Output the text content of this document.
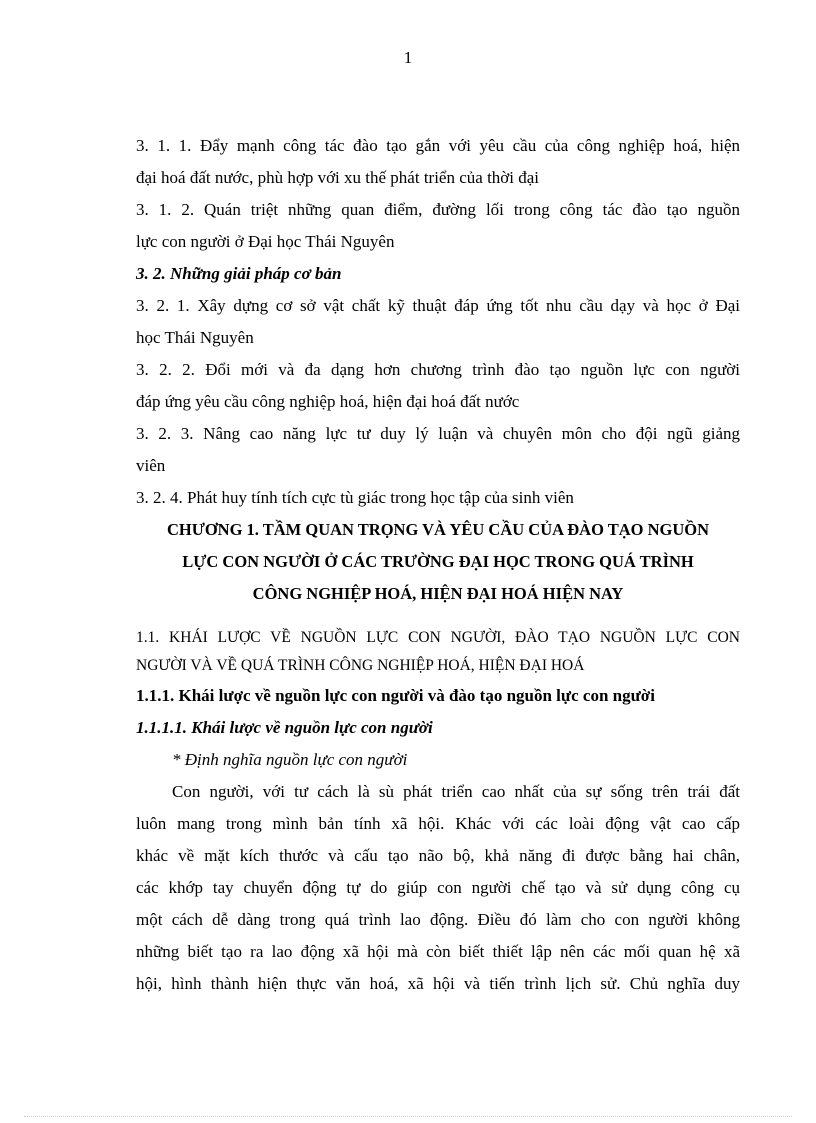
1
3. 1. 1. Đẩy mạnh công tác đào tạo gắn với yêu cầu của công nghiệp hoá, hiện
đại hoá đất nước, phù hợp với xu thế phát triển của thời đại
3. 1. 2. Quán triệt những quan điểm, đường lối trong công tác đào tạo nguồn
lực con người ở Đại học Thái Nguyên
3. 2. Những giải pháp cơ bản
3. 2. 1. Xây dựng cơ sở vật chất kỹ thuật đáp ứng tốt nhu cầu dạy và học ở Đại
học Thái Nguyên
3. 2. 2. Đổi mới và đa dạng hơn chương trình đào tạo nguồn lực con người
đáp ứng yêu cầu công nghiệp hoá, hiện đại hoá đất nước
3. 2. 3. Nâng cao năng lực tư duy lý luận và chuyên môn cho đội ngũ giảng
viên
3. 2. 4. Phát huy tính tích cực tù giác trong học tập của sinh viên
CHƯƠNG 1. TẦM QUAN TRỌNG VÀ YÊU CẦU CỦA ĐÀO TẠO NGUỒN
LỰC CON NGƯỜI Ở CÁC TRƯỜNG ĐẠI HỌC TRONG QUÁ TRÌNH
CÔNG NGHIỆP HOÁ, HIỆN ĐẠI HOÁ HIỆN NAY
1.1. KHÁI LƯỢC VỀ NGUỒN LỰC CON NGƯỜI, ĐÀO TẠO NGUỒN LỰC CON
NGƯỜI VÀ VỀ QUÁ TRÌNH CÔNG NGHIỆP HOÁ, HIỆN ĐẠI HOÁ
1.1.1. Khái lược về nguồn lực con người và đào tạo nguồn lực con người
1.1.1.1. Khái lược về nguồn lực con người
* Định nghĩa nguồn lực con người
Con người, với tư cách là sù phát triển cao nhất của sự sống trên trái đất
luôn mang trong mình bản tính xã hội. Khác với các loài động vật cao cấp
khác về mặt kích thước và cấu tạo não bộ, khả năng đi được bằng hai chân,
các khớp tay chuyển động tự do giúp con người chế tạo và sử dụng công cụ
một cách dễ dàng trong quá trình lao động. Điều đó làm cho con người không
những biết tạo ra lao động xã hội mà còn biết thiết lập nên các mối quan hệ xã
hội, hình thành hiện thực văn hoá, xã hội và tiến trình lịch sử. Chủ nghĩa duy
